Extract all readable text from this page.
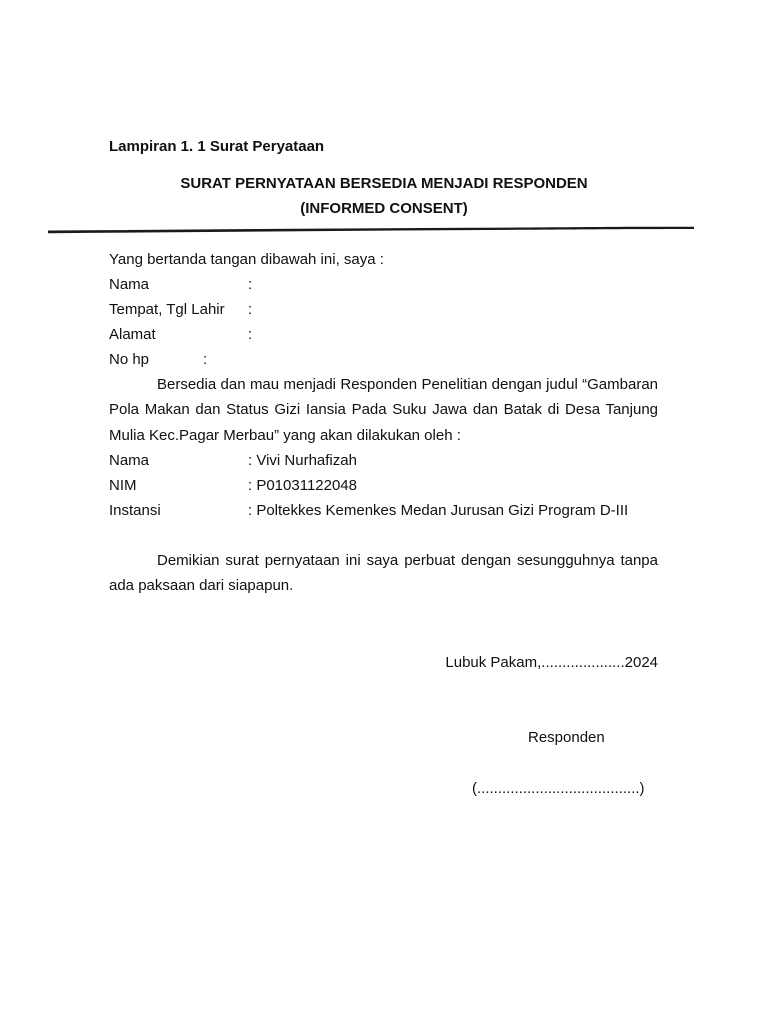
Lampiran 1. 1 Surat Peryataan
SURAT PERNYATAAN BERSEDIA MENJADI RESPONDEN
(INFORMED CONSENT)
Yang bertanda tangan dibawah ini, saya :
Nama	:
Tempat, Tgl Lahir :
Alamat	:
No hp	:
Bersedia dan mau menjadi Responden Penelitian dengan judul “Gambaran Pola Makan dan Status Gizi Iansia Pada Suku Jawa dan Batak di Desa Tanjung Mulia Kec.Pagar Merbau” yang akan dilakukan oleh :
Nama	: Vivi Nurhafizah
NIM	: P01031122048
Instansi	: Poltekkes Kemenkes Medan Jurusan Gizi Program D-III
Demikian surat pernyataan ini saya perbuat dengan sesungguhnya tanpa ada paksaan dari siapapun.
Lubuk Pakam,....................2024
Responden
(.......................................)
